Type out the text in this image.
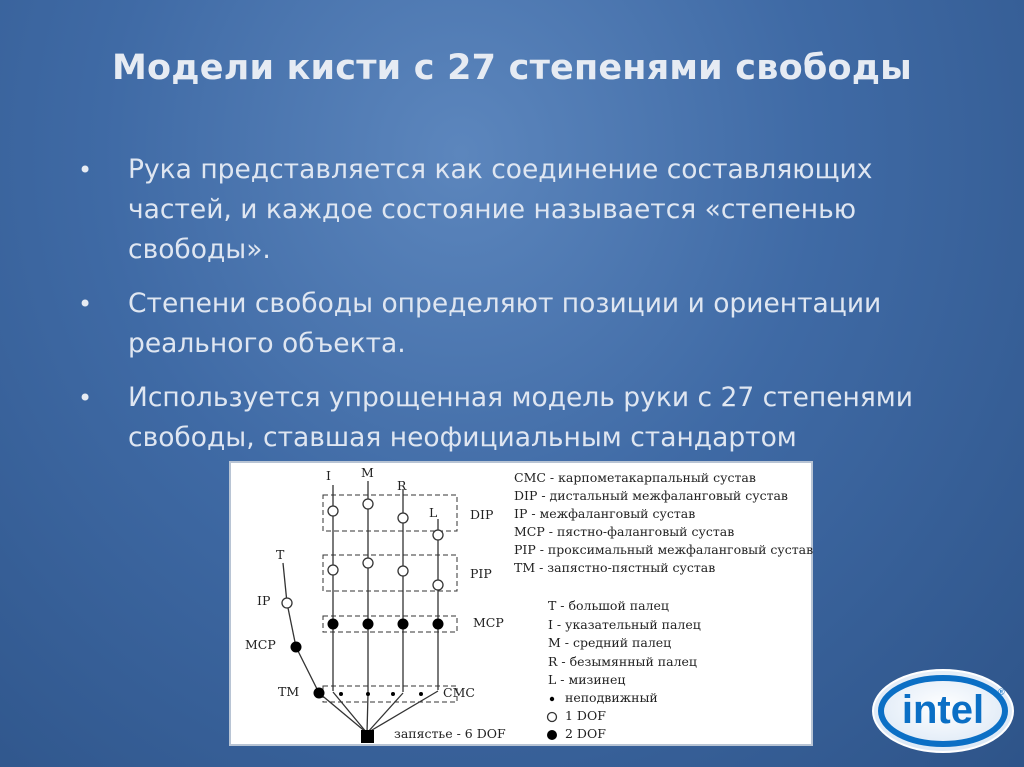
Модели кисти с 27 степенями свободы
•	Рука представляется как соединение составляющих частей, и каждое состояние называется «степенью свободы».
•	Степени свободы определяют позиции и ориентации реального объекта.
•	Используется упрощенная модель руки с 27 степенями свободы, ставшая неофициальным стандартом
I M
R
L
T
IP
MCP
TM
DIP
PIP
MCP
CMC
запястье - 6 DOF
CMC - карпометакарпальный сустав
DIP - дистальный межфаланговый сустав
IP - межфаланговый сустав
MCP - пястно-фаланговый сустав
PIP - проксимальный межфаланговый сустав
TM - запястно-пястный сустав
T - большой палец
I - указательный палец
M - средний палец
R - безымянный палец
L - мизинец
неподвижный
1 DOF
2 DOF
intel ®
